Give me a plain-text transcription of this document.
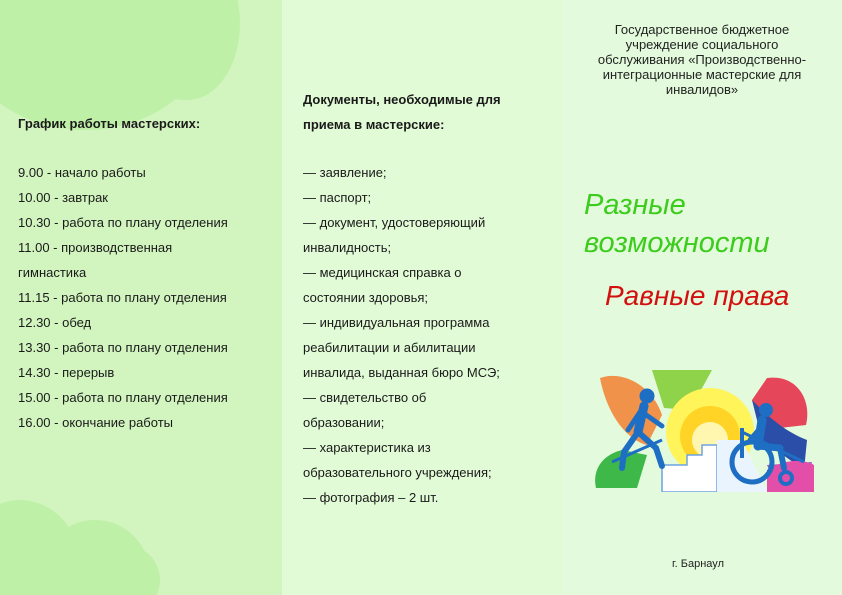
График работы мастерских:
9.00 - начало работы
10.00 - завтрак
10.30 - работа по плану отделения
11.00 - производственная
гимнастика
11.15 - работа по плану отделения
12.30 - обед
13.30 - работа по плану отделения
14.30 - перерыв
15.00 - работа по плану отделения
16.00 - окончание работы
Документы, необходимые для
приема в мастерские:
— заявление;
— паспорт;
— документ, удостоверяющий
инвалидность;
— медицинская справка о
состоянии здоровья;
— индивидуальная программа
реабилитации и абилитации
инвалида, выданная бюро МСЭ;
— свидетельство об
образовании;
— характеристика из
образовательного учреждения;
— фотография – 2 шт.
Государственное бюджетное
учреждение социального
обслуживания «Производственно-
интеграционные мастерские для
инвалидов»
Разные
возможности
Равные права
г. Барнаул
